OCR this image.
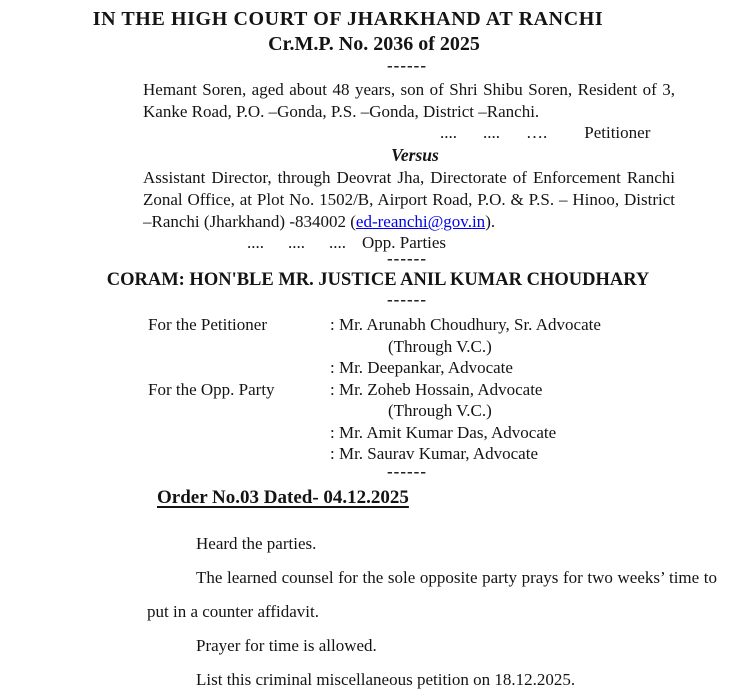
IN THE HIGH COURT OF JHARKHAND AT RANCHI
Cr.M.P. No. 2036 of 2025
------
Hemant Soren, aged about 48 years, son of Shri Shibu Soren, Resident of 3, Kanke Road, P.O. –Gonda, P.S. –Gonda, District –Ranchi.
.... .... …. Petitioner
Versus
Assistant Director, through Deovrat Jha, Directorate of Enforcement Ranchi Zonal Office, at Plot No. 1502/B, Airport Road, P.O. & P.S. – Hinoo, District –Ranchi (Jharkhand) -834002 (ed-reanchi@gov.in).
.... .... .... Opp. Parties
------
CORAM: HON'BLE MR. JUSTICE ANIL KUMAR CHOUDHARY
------
For the Petitioner	: Mr. Arunabh Choudhury, Sr. Advocate
(Through V.C.)
: Mr. Deepankar, Advocate
For the Opp. Party	: Mr. Zoheb Hossain, Advocate
(Through V.C.)
: Mr. Amit Kumar Das, Advocate
: Mr. Saurav Kumar, Advocate
------
Order No.03 Dated- 04.12.2025

Heard the parties.

The learned counsel for the sole opposite party prays for two weeks’ time to put in a counter affidavit.

Prayer for time is allowed.

List this criminal miscellaneous petition on 18.12.2025.
